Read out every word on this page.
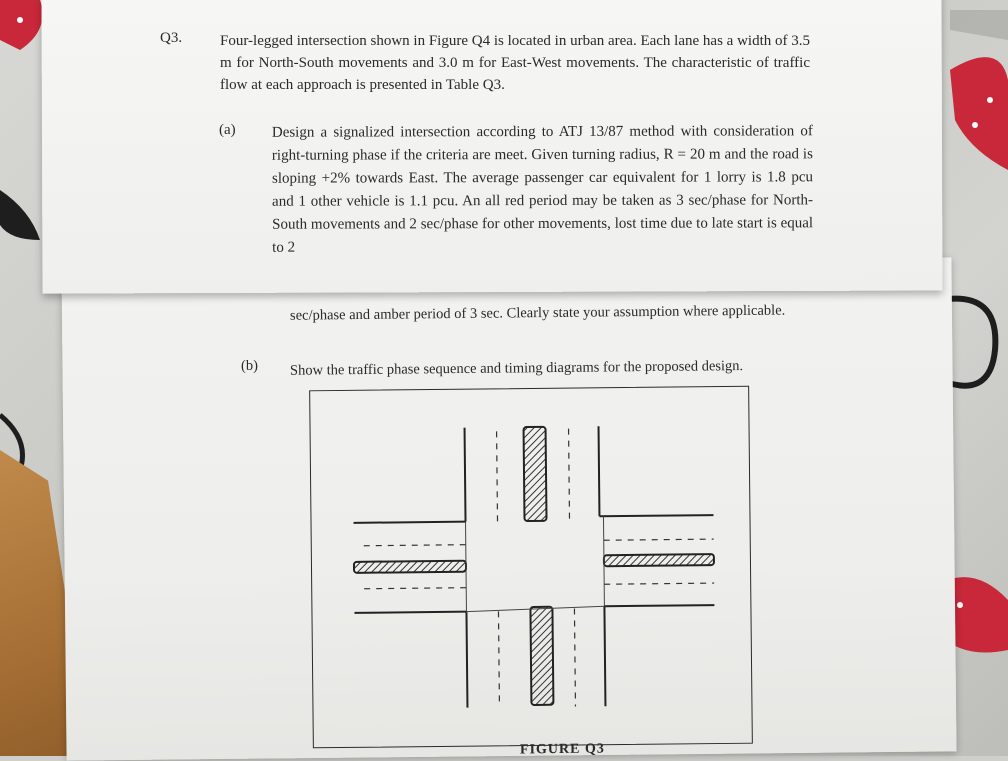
Q3.	Four-legged intersection shown in Figure Q4 is located in urban area. Each lane has a width of 3.5 m for North-South movements and 3.0 m for East-West movements. The characteristic of traffic flow at each approach is presented in Table Q3.
(a) Design a signalized intersection according to ATJ 13/87 method with consideration of right-turning phase if the criteria are meet. Given turning radius, R = 20 m and the road is sloping +2% towards East. The average passenger car equivalent for 1 lorry is 1.8 pcu and 1 other vehicle is 1.1 pcu. An all red period may be taken as 3 sec/phase for North-South movements and 2 sec/phase for other movements, lost time due to late start is equal to 2
sec/phase and amber period of 3 sec. Clearly state your assumption where applicable.
(b) Show the traffic phase sequence and timing diagrams for the proposed design.
FIGURE Q3
